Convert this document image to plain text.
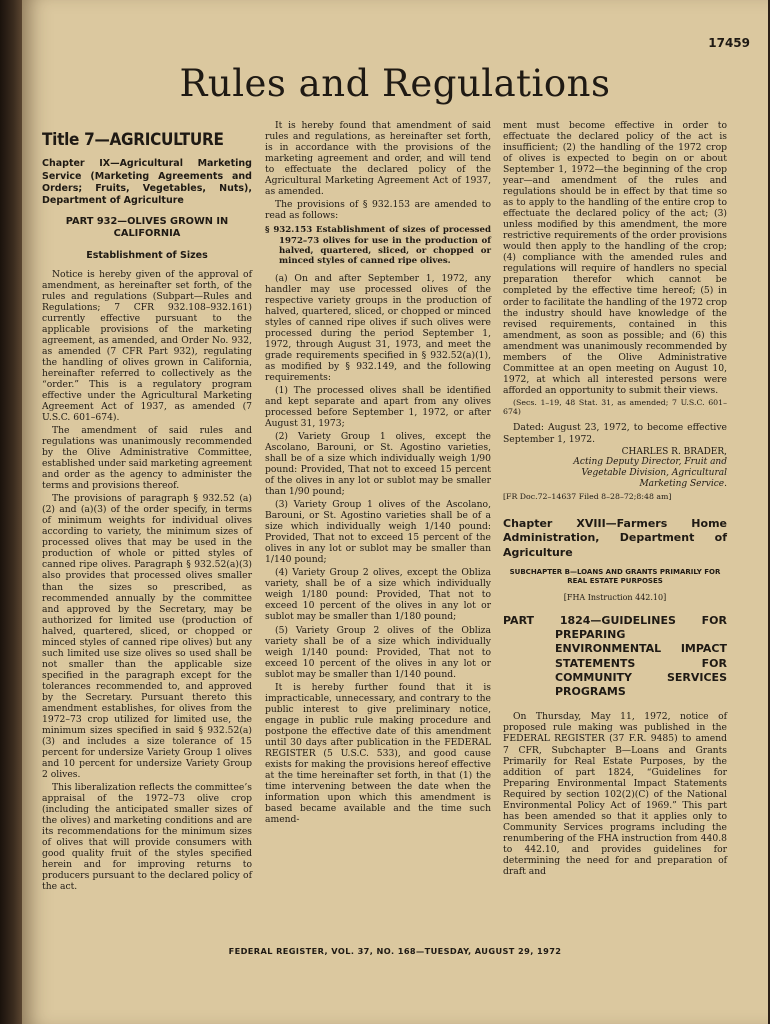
17459
Rules and Regulations
Title 7—AGRICULTURE
Chapter IX—Agricultural Marketing Service (Marketing Agreements and Orders; Fruits, Vegetables, Nuts), Department of Agriculture
PART 932—OLIVES GROWN IN CALIFORNIA
Establishment of Sizes

Notice is hereby given of the approval of amendment, as hereinafter set forth, of the rules and regulations (Subpart—Rules and Regulations; 7 CFR 932.108–932.161) currently effective pursuant to the applicable provisions of the marketing agreement, as amended, and Order No. 932, as amended (7 CFR Part 932), regulating the handling of olives grown in California, hereinafter referred to collectively as the “order.” This is a regulatory program effective under the Agricultural Marketing Agreement Act of 1937, as amended (7 U.S.C. 601–674).

The amendment of said rules and regulations was unanimously recommended by the Olive Administrative Committee, established under said marketing agreement and order as the agency to administer the terms and provisions thereof.

The provisions of paragraph § 932.52 (a)(2) and (a)(3) of the order specify, in terms of minimum weights for individual olives according to variety, the minimum sizes of processed olives that may be used in the production of whole or pitted styles of canned ripe olives. Paragraph § 932.52(a)(3) also provides that processed olives smaller than the sizes so prescribed, as recommended annually by the committee and approved by the Secretary, may be authorized for limited use (production of halved, quartered, sliced, or chopped or minced styles of canned ripe olives) but any such limited use size olives so used shall be not smaller than the applicable size specified in the paragraph except for the tolerances recommended to, and approved by the Secretary. Pursuant thereto this amendment establishes, for olives from the 1972–73 crop utilized for limited use, the minimum sizes specified in said § 932.52(a)(3) and includes a size tolerance of 15 percent for undersize Variety Group 1 olives and 10 percent for undersize Variety Group 2 olives.

This liberalization reflects the committee’s appraisal of the 1972–73 olive crop (including the anticipated smaller sizes of the olives) and marketing conditions and are its recommendations for the minimum sizes of olives that will provide consumers with good quality fruit of the styles specified herein and for improving returns to producers pursuant to the declared policy of the act.

It is hereby found that amendment of said rules and regulations, as hereinafter set forth, is in accordance with the provisions of the marketing agreement and order, and will tend to effectuate the declared policy of the Agricultural Marketing Agreement Act of 1937, as amended.

The provisions of § 932.153 are amended to read as follows:

§ 932.153 Establishment of sizes of processed 1972–73 olives for use in the production of halved, quartered, sliced, or chopped or minced styles of canned ripe olives.

(a) On and after September 1, 1972, any handler may use processed olives of the respective variety groups in the production of halved, quartered, sliced, or chopped or minced styles of canned ripe olives if such olives were processed during the period September 1, 1972, through August 31, 1973, and meet the grade requirements specified in § 932.52(a)(1), as modified by § 932.149, and the following requirements:

(1) The processed olives shall be identified and kept separate and apart from any olives processed before September 1, 1972, or after August 31, 1973;

(2) Variety Group 1 olives, except the Ascolano, Barouni, or St. Agostino varieties, shall be of a size which individually weigh 1/90 pound: Provided, That not to exceed 15 percent of the olives in any lot or sublot may be smaller than 1/90 pound;

(3) Variety Group 1 olives of the Ascolano, Barouni, or St. Agostino varieties shall be of a size which individually weigh 1/140 pound: Provided, That not to exceed 15 percent of the olives in any lot or sublot may be smaller than 1/140 pound;

(4) Variety Group 2 olives, except the Obliza variety, shall be of a size which individually weigh 1/180 pound: Provided, That not to exceed 10 percent of the olives in any lot or sublot may be smaller than 1/180 pound;

(5) Variety Group 2 olives of the Obliza variety shall be of a size which individually weigh 1/140 pound: Provided, That not to exceed 10 percent of the olives in any lot or sublot may be smaller than 1/140 pound.

It is hereby further found that it is impracticable, unnecessary, and contrary to the public interest to give preliminary notice, engage in public rule making procedure and postpone the effective date of this amendment until 30 days after publication in the FEDERAL REGISTER (5 U.S.C. 533), and good cause exists for making the provisions hereof effective at the time hereinafter set forth, in that (1) the time intervening between the date when the information upon which this amendment is based became available and the time such amend-

ment must become effective in order to effectuate the declared policy of the act is insufficient; (2) the handling of the 1972 crop of olives is expected to begin on or about September 1, 1972—the beginning of the crop year—and amendment of the rules and regulations should be in effect by that time so as to apply to the handling of the entire crop to effectuate the declared policy of the act; (3) unless modified by this amendment, the more restrictive requirements of the order provisions would then apply to the handling of the crop; (4) compliance with the amended rules and regulations will require of handlers no special preparation therefor which cannot be completed by the effective time hereof; (5) in order to facilitate the handling of the 1972 crop the industry should have knowledge of the revised requirements, contained in this amendment, as soon as possible; and (6) this amendment was unanimously recommended by members of the Olive Administrative Committee at an open meeting on August 10, 1972, at which all interested persons were afforded an opportunity to submit their views.

(Secs. 1–19, 48 Stat. 31, as amended; 7 U.S.C. 601–674)

Dated: August 23, 1972, to become effective September 1, 1972.

CHARLES R. BRADER,
Acting Deputy Director, Fruit and Vegetable Division, Agricultural Marketing Service.

[FR Doc.72–14637 Filed 8–28–72;8:48 am]

Chapter XVIII—Farmers Home Administration, Department of Agriculture
SUBCHAPTER B—LOANS AND GRANTS PRIMARILY FOR REAL ESTATE PURPOSES
[FHA Instruction 442.10]
PART 1824—GUIDELINES FOR PREPARING ENVIRONMENTAL IMPACT STATEMENTS FOR COMMUNITY SERVICES PROGRAMS

On Thursday, May 11, 1972, notice of proposed rule making was published in the FEDERAL REGISTER (37 F.R. 9485) to amend 7 CFR, Subchapter B—Loans and Grants Primarily for Real Estate Purposes, by the addition of part 1824, “Guidelines for Preparing Environmental Impact Statements Required by section 102(2)(C) of the National Environmental Policy Act of 1969.” This part has been amended so that it applies only to Community Services programs including the renumbering of the FHA instruction from 440.8 to 442.10, and provides guidelines for determining the need for and preparation of draft and

FEDERAL REGISTER, VOL. 37, NO. 168—TUESDAY, AUGUST 29, 1972
